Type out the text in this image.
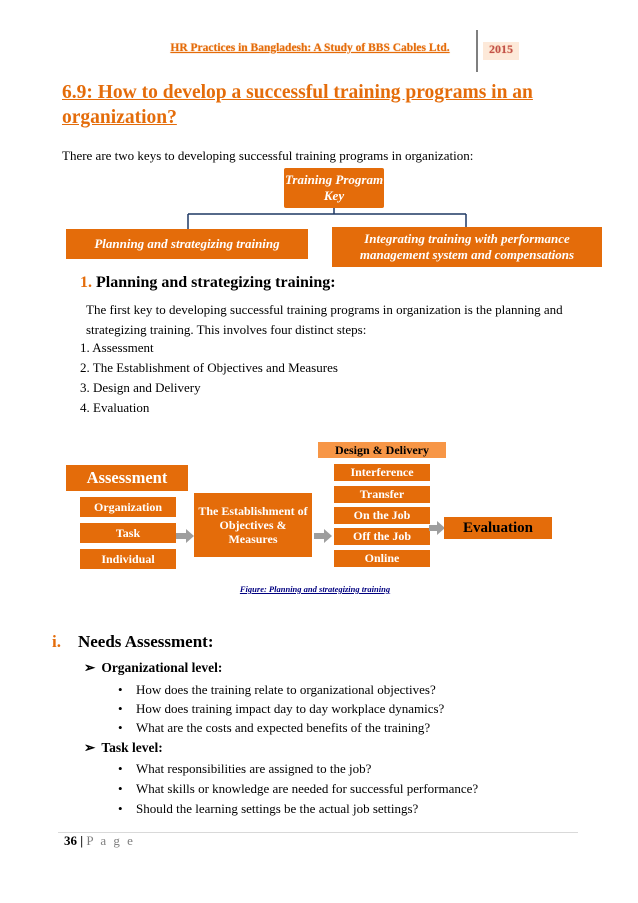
HR Practices in Bangladesh: A Study of BBS Cables Ltd.	2015
6.9: How to develop a successful training programs in an organization?
There are two keys to developing successful training programs in organization:
Training Program Key
Planning and strategizing training	Integrating training with performance management system and compensations
1. Planning and strategizing training:
The first key to developing successful training programs in organization is the planning and strategizing training. This involves four distinct steps:
1. Assessment
2. The Establishment of Objectives and Measures
3. Design and Delivery
4. Evaluation
Assessment
Organization
Task
Individual
The Establishment of Objectives & Measures
Design & Delivery
Interference
Transfer
On the Job
Off the Job
Online
Evaluation
Figure: Planning and strategizing training
i. Needs Assessment:
➢ Organizational level:
• How does the training relate to organizational objectives?
• How does training impact day to day workplace dynamics?
• What are the costs and expected benefits of the training?
➢ Task level:
• What responsibilities are assigned to the job?
• What skills or knowledge are needed for successful performance?
• Should the learning settings be the actual job settings?
36 | P a g e
